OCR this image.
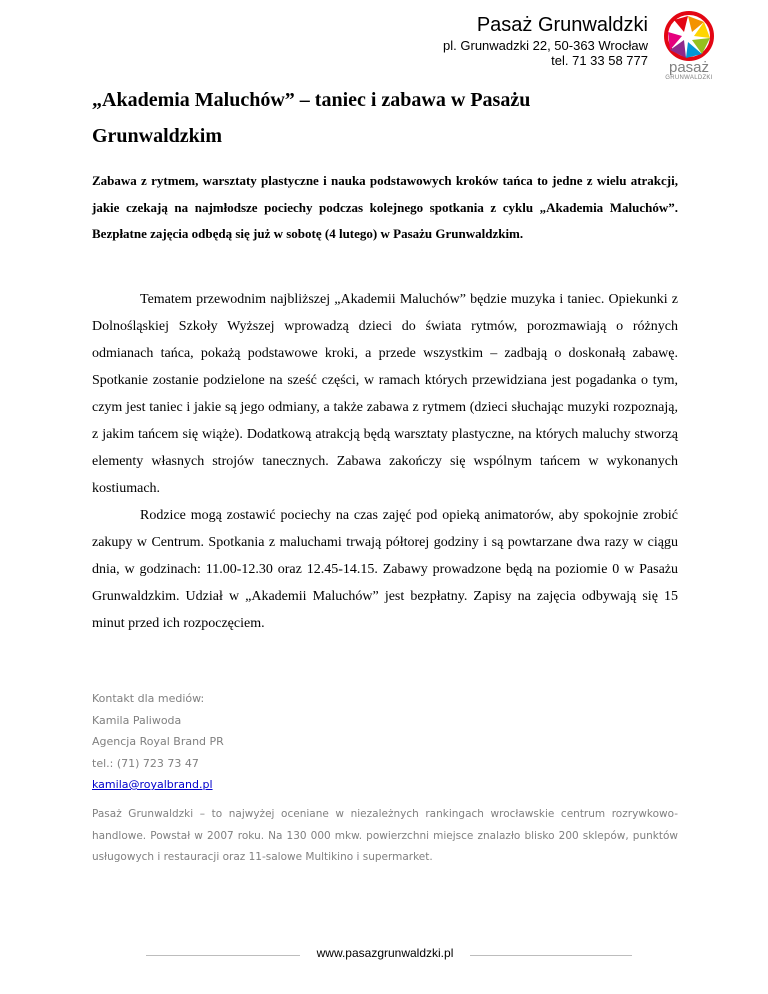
Pasaż Grunwaldzki
pl. Grunwadzki 22, 50-363 Wrocław
tel. 71 33 58 777	pasaż
GRUNWALDZKI
„Akademia Maluchów” – taniec i zabawa w Pasażu Grunwaldzkim

Zabawa z rytmem, warsztaty plastyczne i nauka podstawowych kroków tańca to jedne z wielu atrakcji, jakie czekają na najmłodsze pociechy podczas kolejnego spotkania z cyklu „Akademia Maluchów”. Bezpłatne zajęcia odbędą się już w sobotę (4 lutego) w Pasażu Grunwaldzkim.

Tematem przewodnim najbliższej „Akademii Maluchów” będzie muzyka i taniec. Opiekunki z Dolnośląskiej Szkoły Wyższej wprowadzą dzieci do świata rytmów, porozmawiają o różnych odmianach tańca, pokażą podstawowe kroki, a przede wszystkim – zadbają o doskonałą zabawę. Spotkanie zostanie podzielone na sześć części, w ramach których przewidziana jest pogadanka o tym, czym jest taniec i jakie są jego odmiany, a także zabawa z rytmem (dzieci słuchając muzyki rozpoznają, z jakim tańcem się wiąże). Dodatkową atrakcją będą warsztaty plastyczne, na których maluchy stworzą elementy własnych strojów tanecznych. Zabawa zakończy się wspólnym tańcem w wykonanych kostiumach.

Rodzice mogą zostawić pociechy na czas zajęć pod opieką animatorów, aby spokojnie zrobić zakupy w Centrum. Spotkania z maluchami trwają półtorej godziny i są powtarzane dwa razy w ciągu dnia, w godzinach: 11.00-12.30 oraz 12.45-14.15. Zabawy prowadzone będą na poziomie 0 w Pasażu Grunwaldzkim. Udział w „Akademii Maluchów” jest bezpłatny. Zapisy na zajęcia odbywają się 15 minut przed ich rozpoczęciem.

Kontakt dla mediów:
Kamila Paliwoda
Agencja Royal Brand PR
tel.: (71) 723 73 47
kamila@royalbrand.pl

Pasaż Grunwaldzki – to najwyżej oceniane w niezależnych rankingach wrocławskie centrum rozrywkowo-handlowe. Powstał w 2007 roku. Na 130 000 mkw. powierzchni miejsce znalazło blisko 200 sklepów, punktów usługowych i restauracji oraz 11-salowe Multikino i supermarket.

www.pasazgrunwaldzki.pl
